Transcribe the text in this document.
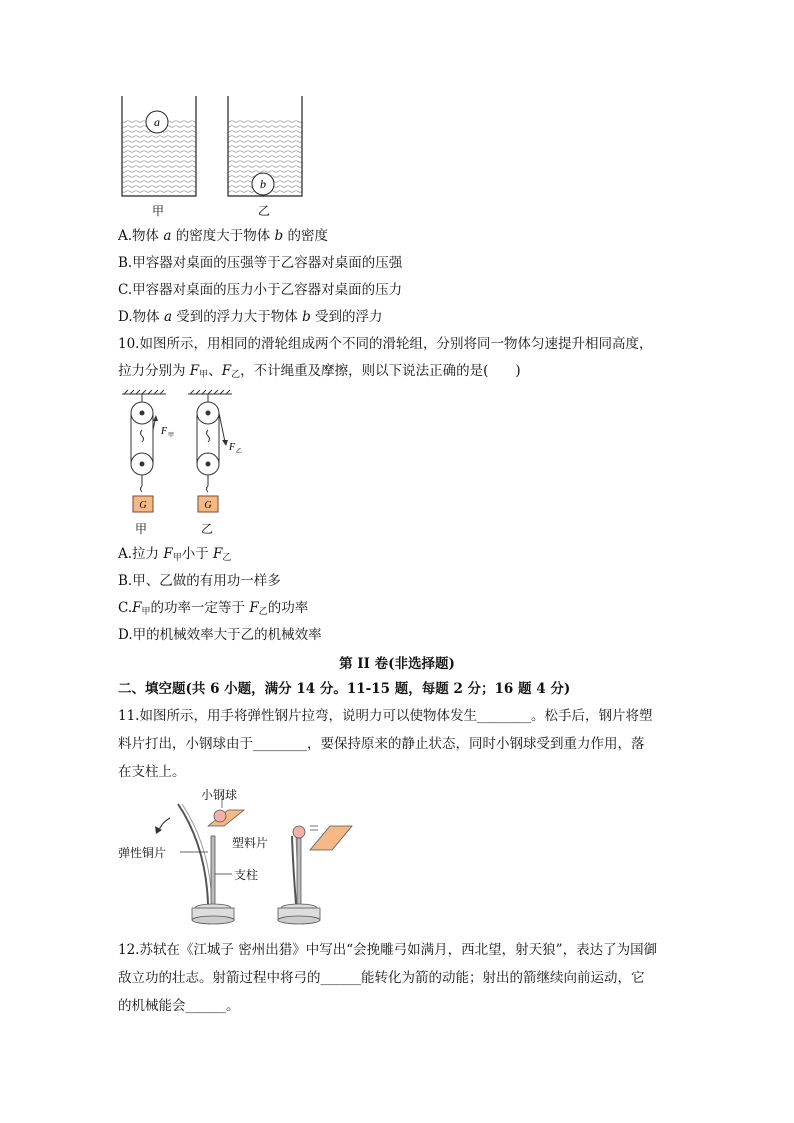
a
b
甲	乙
A.物体 a 的密度大于物体 b 的密度
B.甲容器对桌面的压强等于乙容器对桌面的压强
C.甲容器对桌面的压力小于乙容器对桌面的压力
D.物体 a 受到的浮力大于物体 b 受到的浮力
10.如图所示，用相同的滑轮组成两个不同的滑轮组，分别将同一物体匀速提升相同高度，
拉力分别为 $F_甲$、$F_乙$，不计绳重及摩擦，则以下说法正确的是(　　)
F 甲
G
F 乙
G
甲	乙
A.拉力 $F_甲$小于 $F_乙$
B.甲、乙做的有用功一样多
$C.F_甲$的功率一定等于 $F_乙$的功率
D.甲的机械效率大于乙的机械效率
第 II 卷(非选择题)
二、填空题(共 6 小题，满分 14 分。11-15 题，每题 2 分；16 题 4 分)
11.如图所示，用手将弹性钢片拉弯，说明力可以使物体发生________。松手后，钢片将塑
料片打出，小钢球由于________，要保持原来的静止状态，同时小钢球受到重力作用，落
在支柱上。
小钢球
弹性铜片
塑料片
支柱
12.苏轼在《江城子 密州出猎》中写出“会挽雕弓如满月，西北望，射天狼”，表达了为国御
敌立功的壮志。射箭过程中将弓的______能转化为箭的动能；射出的箭继续向前运动，它
的机械能会______。
